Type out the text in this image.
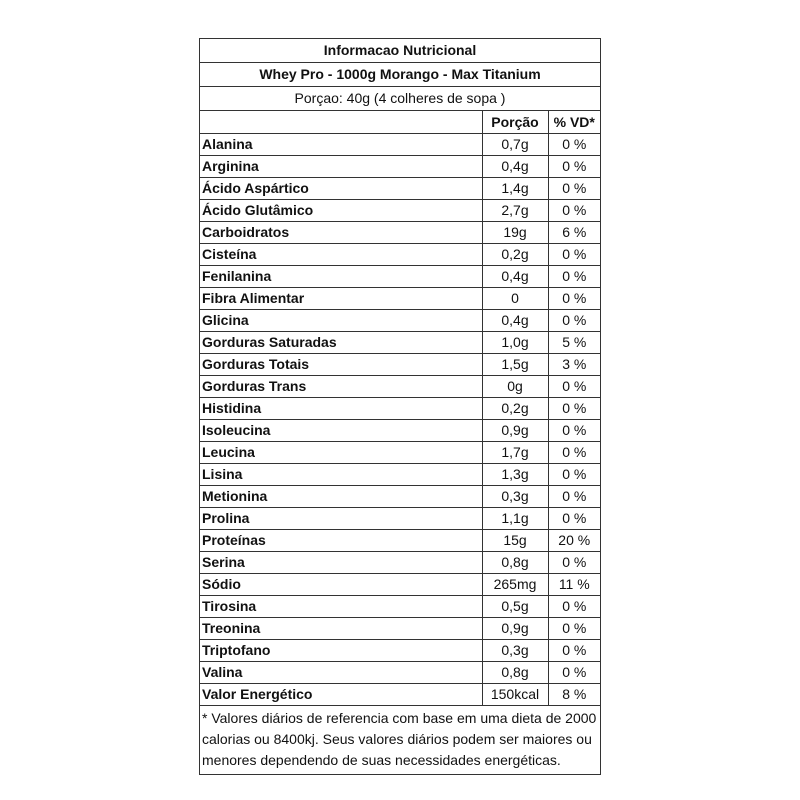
Informacao Nutricional
Whey Pro - 1000g Morango - Max Titanium
Porçao: 40g (4 colheres de sopa )
	Porção	% VD*
Alanina	0,7g	0 %
Arginina	0,4g	0 %
Ácido Aspártico	1,4g	0 %
Ácido Glutâmico	2,7g	0 %
Carboidratos	19g	6 %
Cisteína	0,2g	0 %
Fenilanina	0,4g	0 %
Fibra Alimentar	0	0 %
Glicina	0,4g	0 %
Gorduras Saturadas	1,0g	5 %
Gorduras Totais	1,5g	3 %
Gorduras Trans	0g	0 %
Histidina	0,2g	0 %
Isoleucina	0,9g	0 %
Leucina	1,7g	0 %
Lisina	1,3g	0 %
Metionina	0,3g	0 %
Prolina	1,1g	0 %
Proteínas	15g	20 %
Serina	0,8g	0 %
Sódio	265mg	11 %
Tirosina	0,5g	0 %
Treonina	0,9g	0 %
Triptofano	0,3g	0 %
Valina	0,8g	0 %
Valor Energético	150kcal	8 %
* Valores diários de referencia com base em uma dieta de 2000 calorias ou 8400kj. Seus valores diários podem ser maiores ou menores dependendo de suas necessidades energéticas.
